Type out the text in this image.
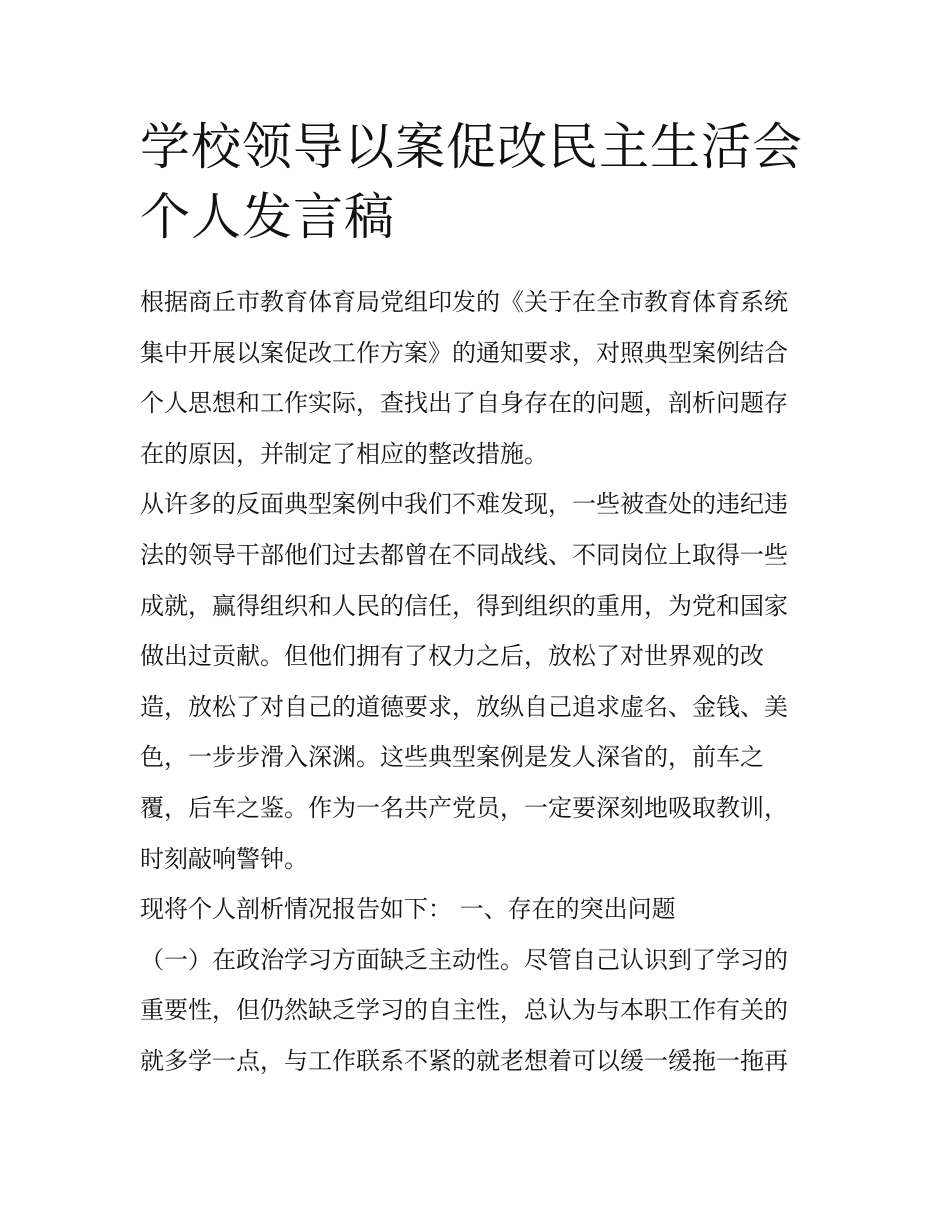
学校领导以案促改民主生活会
个人发言稿
根据商丘市教育体育局党组印发的《关于在全市教育体育系统
集中开展以案促改工作方案》的通知要求，对照典型案例结合
个人思想和工作实际，查找出了自身存在的问题，剖析问题存
在的原因，并制定了相应的整改措施。
从许多的反面典型案例中我们不难发现，一些被查处的违纪违
法的领导干部他们过去都曾在不同战线、不同岗位上取得一些
成就，赢得组织和人民的信任，得到组织的重用，为党和国家
做出过贡献。但他们拥有了权力之后，放松了对世界观的改
造，放松了对自己的道德要求，放纵自己追求虚名、金钱、美
色，一步步滑入深渊。这些典型案例是发人深省的，前车之
覆，后车之鉴。作为一名共产党员，一定要深刻地吸取教训，
时刻敲响警钟。
现将个人剖析情况报告如下： 一、存在的突出问题
（一）在政治学习方面缺乏主动性。尽管自己认识到了学习的
重要性，但仍然缺乏学习的自主性，总认为与本职工作有关的
就多学一点，与工作联系不紧的就老想着可以缓一缓拖一拖再
